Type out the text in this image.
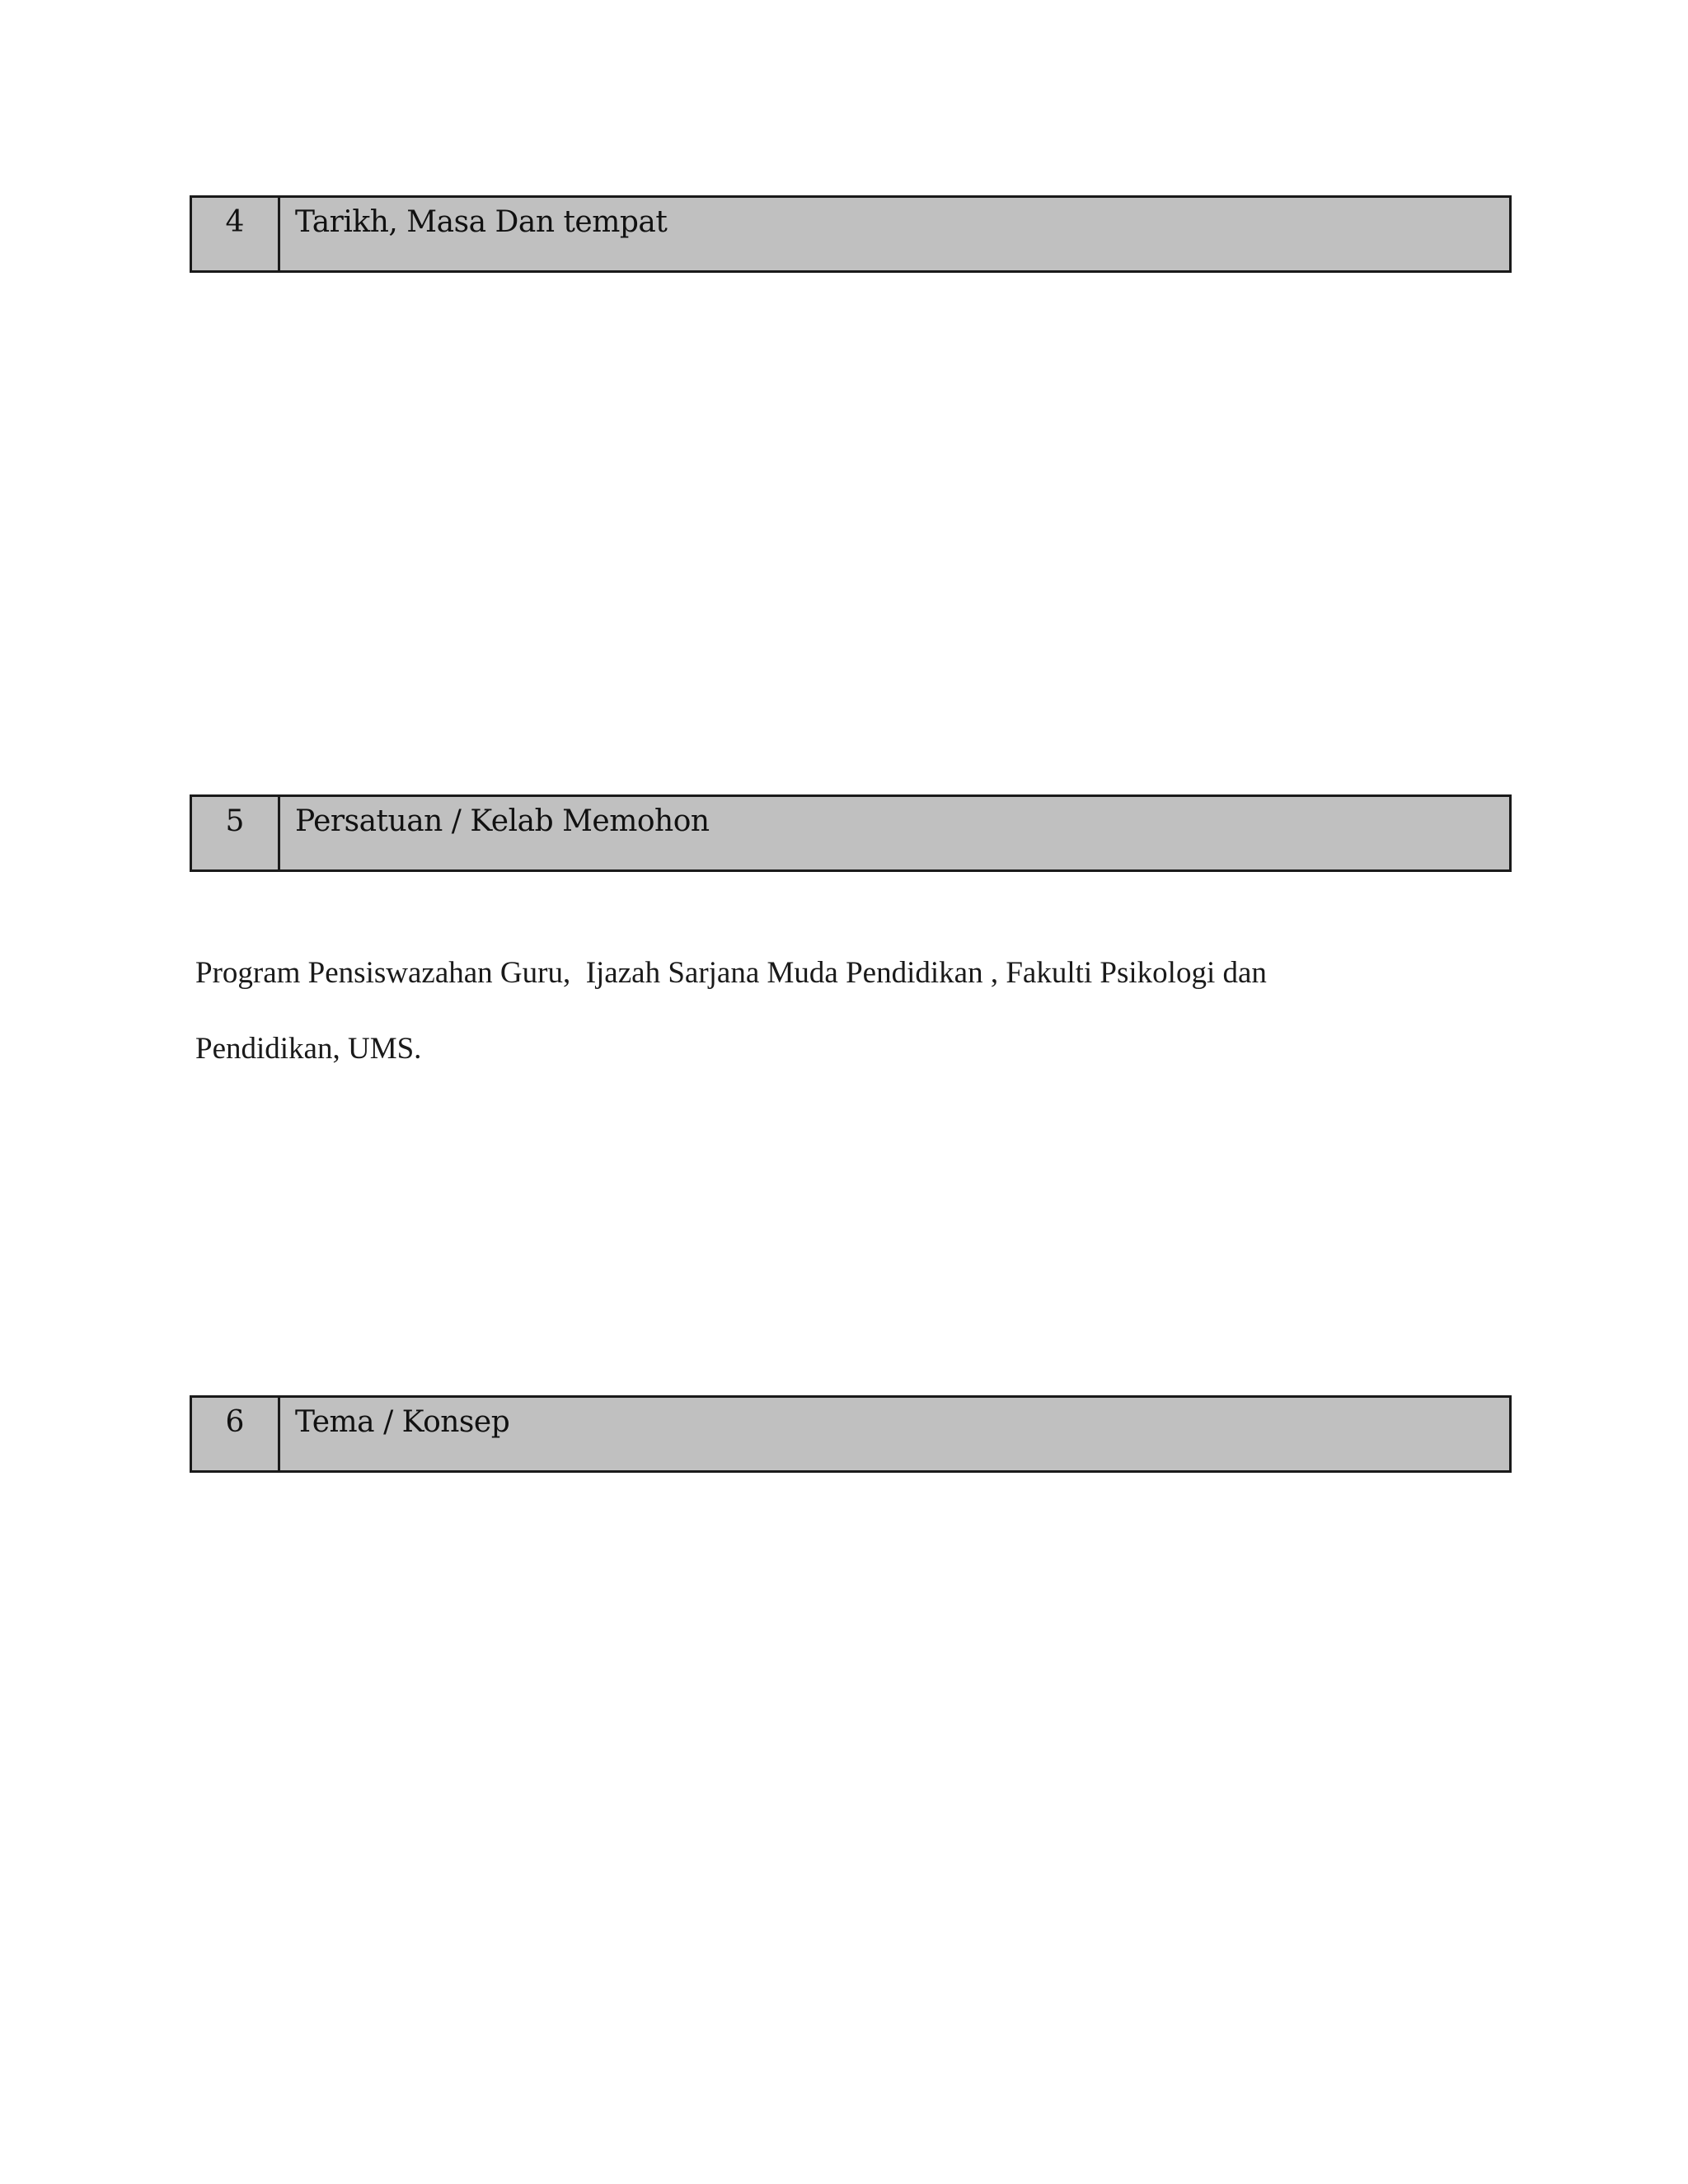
4	Tarikh, Masa Dan tempat
5	Persatuan / Kelab Memohon

Program Pensiswazahan Guru,  Ijazah Sarjana Muda Pendidikan , Fakulti Psikologi dan

Pendidikan, UMS.

6	Tema / Konsep
